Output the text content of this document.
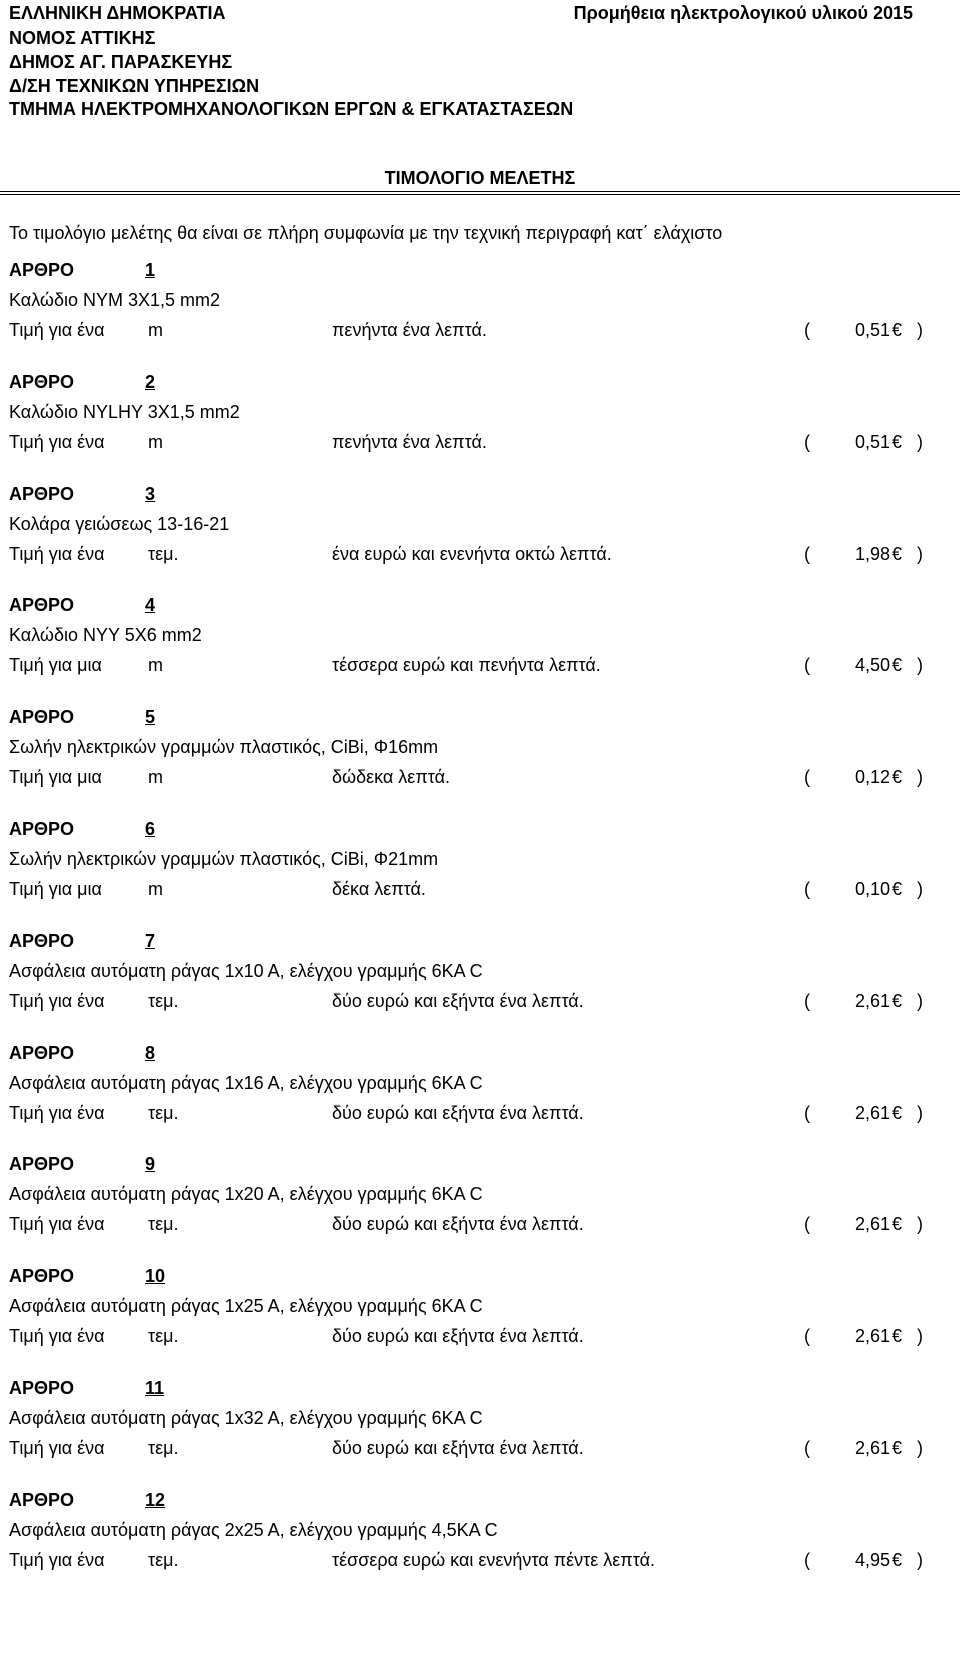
ΕΛΛΗΝΙΚΗ ΔΗΜΟΚΡΑΤΙΑ
ΝΟΜΟΣ ΑΤΤΙΚΗΣ
ΔΗΜΟΣ ΑΓ. ΠΑΡΑΣΚΕΥΗΣ
Δ/ΣΗ ΤΕΧΝΙΚΩΝ ΥΠΗΡΕΣΙΩΝ
ΤΜΗΜΑ ΗΛΕΚΤΡΟΜΗΧΑΝΟΛΟΓΙΚΩΝ ΕΡΓΩΝ & ΕΓΚΑΤΑΣΤΑΣΕΩΝ
Προμήθεια ηλεκτρολογικού υλικού 2015
ΤΙΜΟΛΟΓΙΟ ΜΕΛΕΤΗΣ
Το τιμολόγιο μελέτης θα είναι σε πλήρη συμφωνία με την τεχνική περιγραφή κατ΄ ελάχιστο
ΑΡΘΡΟ	1
Καλώδιο NYM 3X1,5 mm2
Τιμή για ένα m	πενήντα ένα λεπτά.	(	0,51 € )
ΑΡΘΡΟ	2
Καλώδιο NYLHY 3X1,5 mm2
Τιμή για ένα m	πενήντα ένα λεπτά.	(	0,51 € )
ΑΡΘΡΟ	3
Κολάρα γειώσεως 13-16-21
Τιμή για ένα τεμ.	ένα ευρώ και ενενήντα οκτώ λεπτά.	(	1,98 € )
ΑΡΘΡΟ	4
Καλώδιο NYY 5X6 mm2
Τιμή για μια	m	τέσσερα ευρώ και πενήντα λεπτά.	(	4,50 € )
ΑΡΘΡΟ	5
Σωλήν ηλεκτρικών γραμμών πλαστικός, CiBi, Φ16mm
Τιμή για μια	m	δώδεκα λεπτά.	(	0,12 € )
ΑΡΘΡΟ	6
Σωλήν ηλεκτρικών γραμμών πλαστικός, CiBi, Φ21mm
Τιμή για μια	m	δέκα λεπτά.	(	0,10 € )
ΑΡΘΡΟ	7
Ασφάλεια αυτόματη ράγας 1x10 A, ελέγχου γραμμής 6KA C
Τιμή για ένα τεμ.	δύο ευρώ και εξήντα ένα λεπτά.	(	2,61 € )
ΑΡΘΡΟ	8
Ασφάλεια αυτόματη ράγας 1x16 A, ελέγχου γραμμής 6KA C
Τιμή για ένα τεμ.	δύο ευρώ και εξήντα ένα λεπτά.	(	2,61 € )
ΑΡΘΡΟ	9
Ασφάλεια αυτόματη ράγας 1x20 A, ελέγχου γραμμής 6KA C
Τιμή για ένα τεμ.	δύο ευρώ και εξήντα ένα λεπτά.	(	2,61 € )
ΑΡΘΡΟ	10
Ασφάλεια αυτόματη ράγας 1x25 A, ελέγχου γραμμής 6KA C
Τιμή για ένα τεμ.	δύο ευρώ και εξήντα ένα λεπτά.	(	2,61 € )
ΑΡΘΡΟ	11
Ασφάλεια αυτόματη ράγας 1x32 A, ελέγχου γραμμής 6KA C
Τιμή για ένα τεμ.	δύο ευρώ και εξήντα ένα λεπτά.	(	2,61 € )
ΑΡΘΡΟ	12
Ασφάλεια αυτόματη ράγας 2x25 A, ελέγχου γραμμής 4,5KA C
Τιμή για ένα τεμ.	τέσσερα ευρώ και ενενήντα πέντε λεπτά.	(	4,95 € )
